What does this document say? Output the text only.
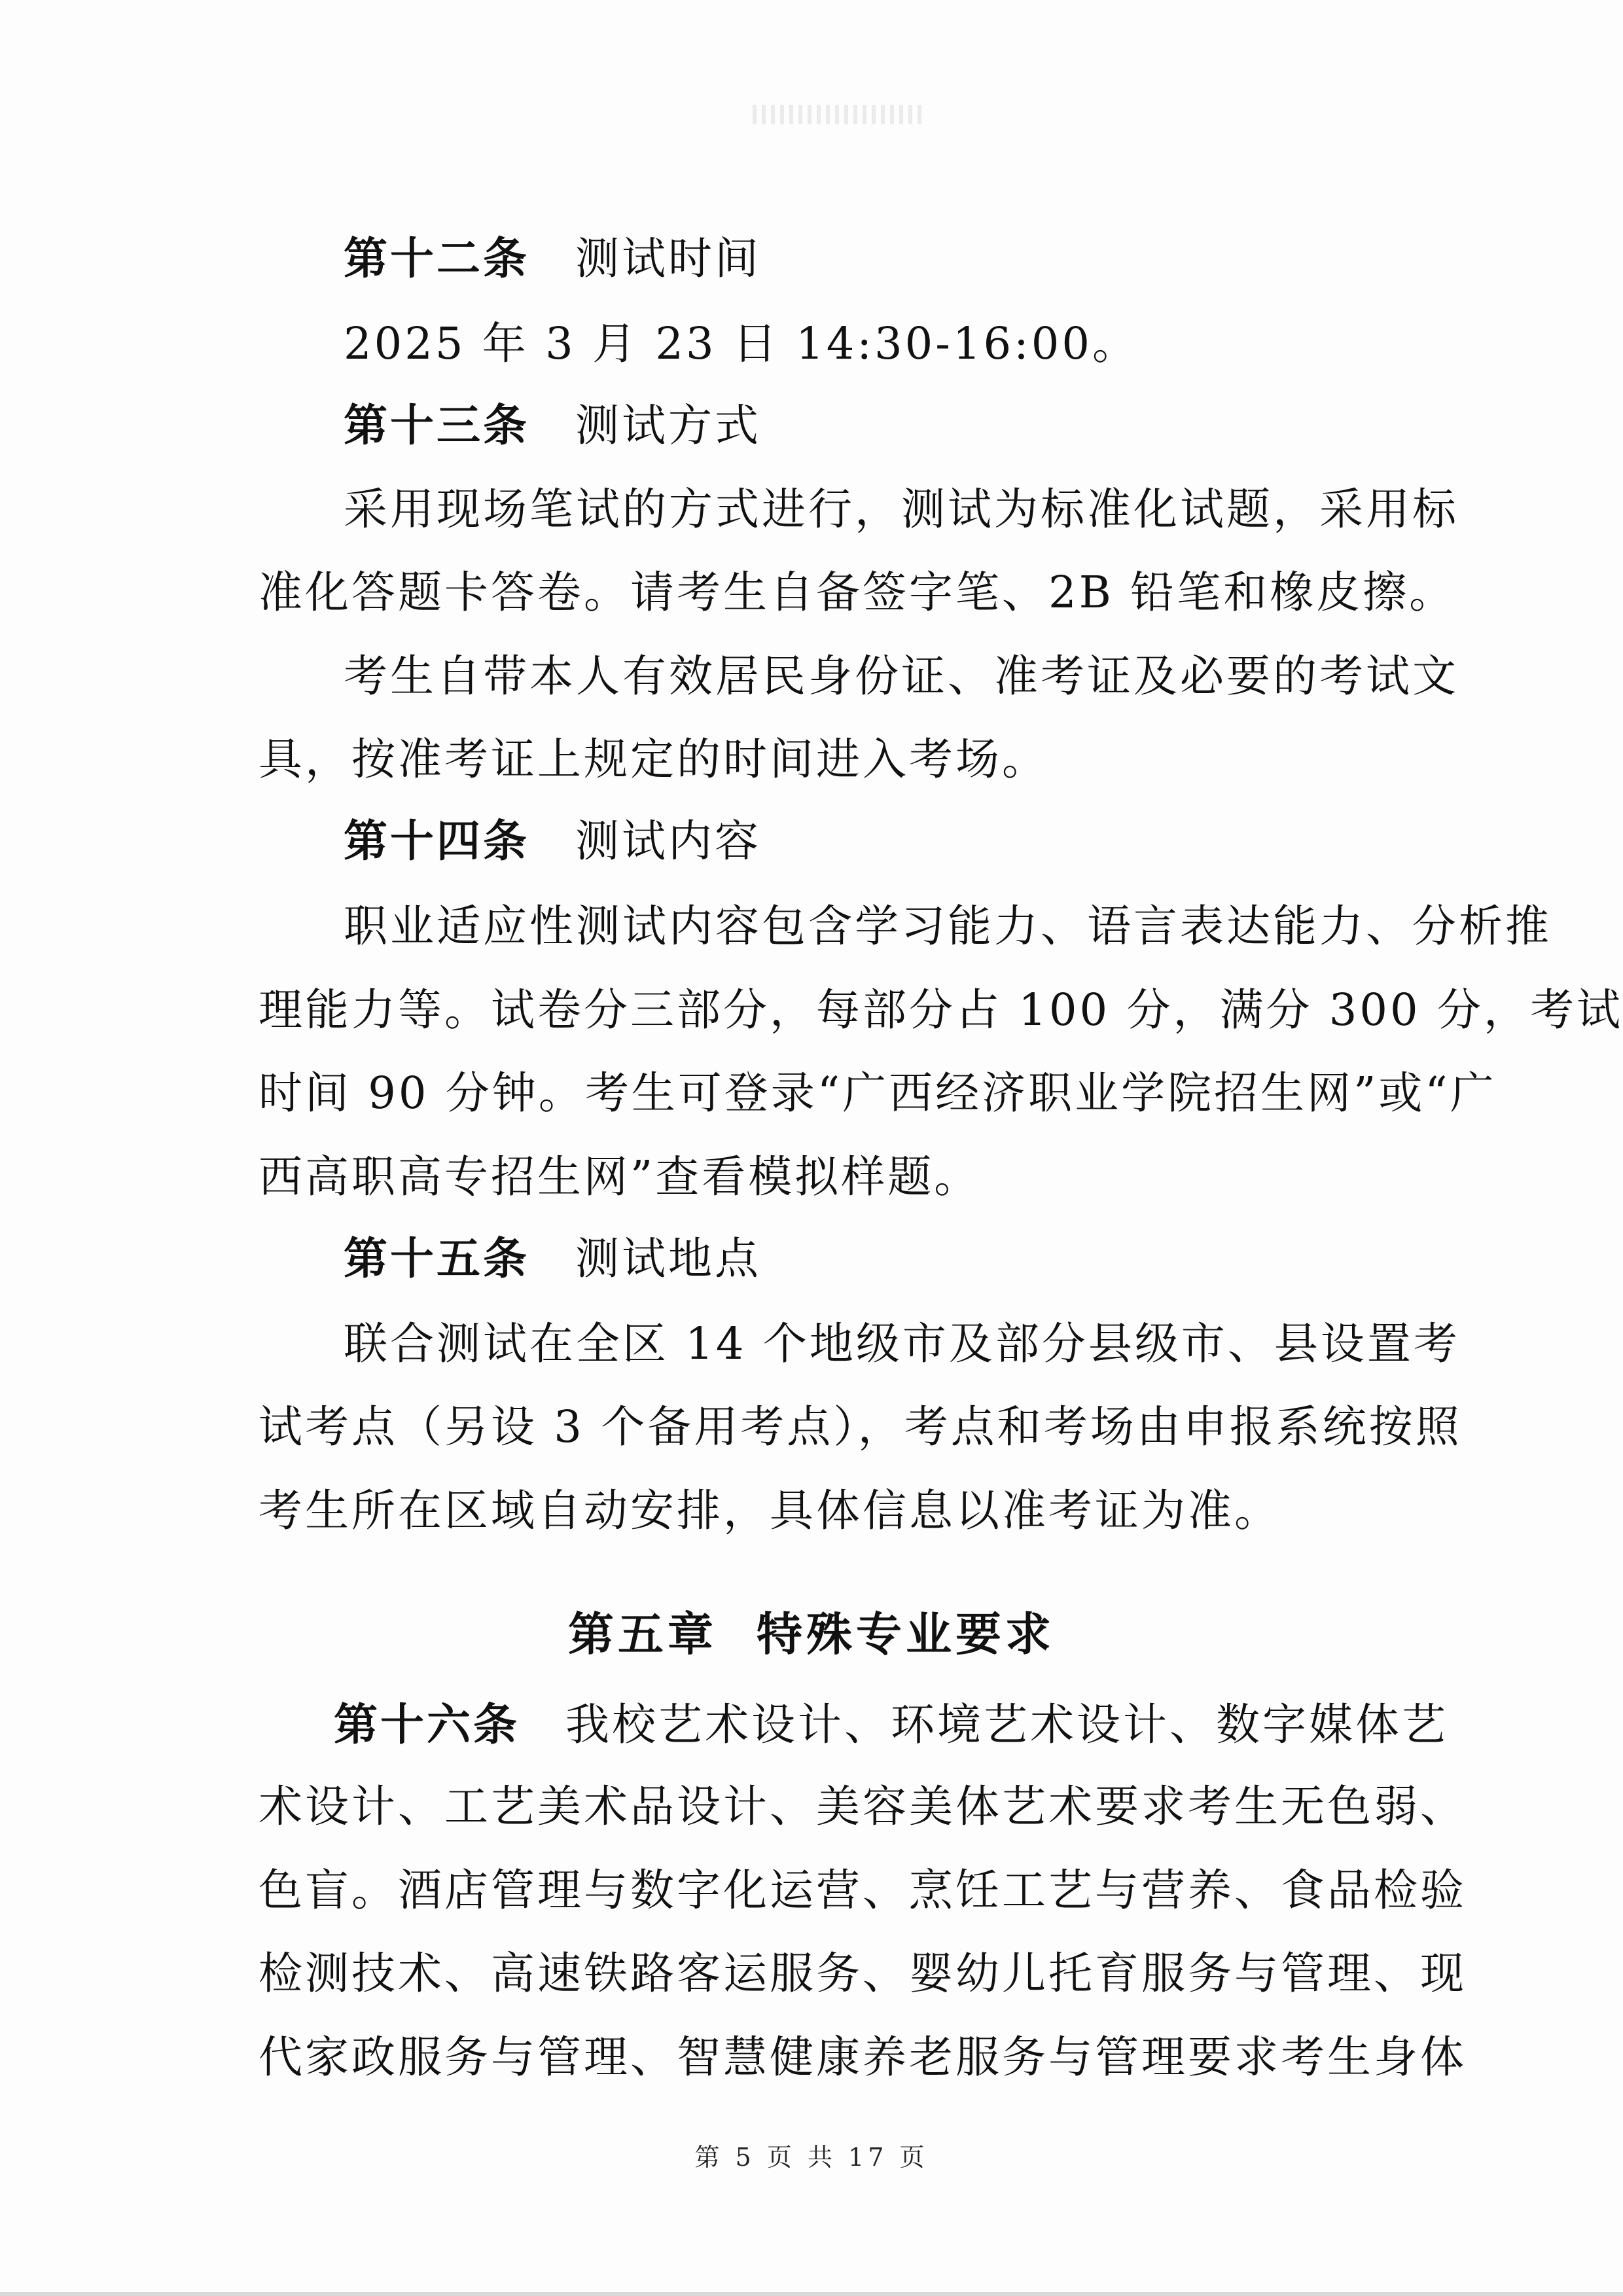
第十二条 测试时间
2025 年 3 月 23 日 14:30-16:00。
第十三条 测试方式
采用现场笔试的方式进行，测试为标准化试题，采用标
准化答题卡答卷。请考生自备签字笔、2B 铅笔和橡皮擦。
考生自带本人有效居民身份证、准考证及必要的考试文
具，按准考证上规定的时间进入考场。
第十四条 测试内容
职业适应性测试内容包含学习能力、语言表达能力、分析推
理能力等。试卷分三部分，每部分占 100 分，满分 300 分，考试
时间 90 分钟。考生可登录“广西经济职业学院招生网”或“广
西高职高专招生网”查看模拟样题。
第十五条 测试地点
联合测试在全区 14 个地级市及部分县级市、县设置考
试考点（另设 3 个备用考点），考点和考场由申报系统按照
考生所在区域自动安排，具体信息以准考证为准。
第五章 特殊专业要求
第十六条 我校艺术设计、环境艺术设计、数字媒体艺
术设计、工艺美术品设计、美容美体艺术要求考生无色弱、
色盲。酒店管理与数字化运营、烹饪工艺与营养、食品检验
检测技术、高速铁路客运服务、婴幼儿托育服务与管理、现
代家政服务与管理、智慧健康养老服务与管理要求考生身体
第 5 页 共 17 页
